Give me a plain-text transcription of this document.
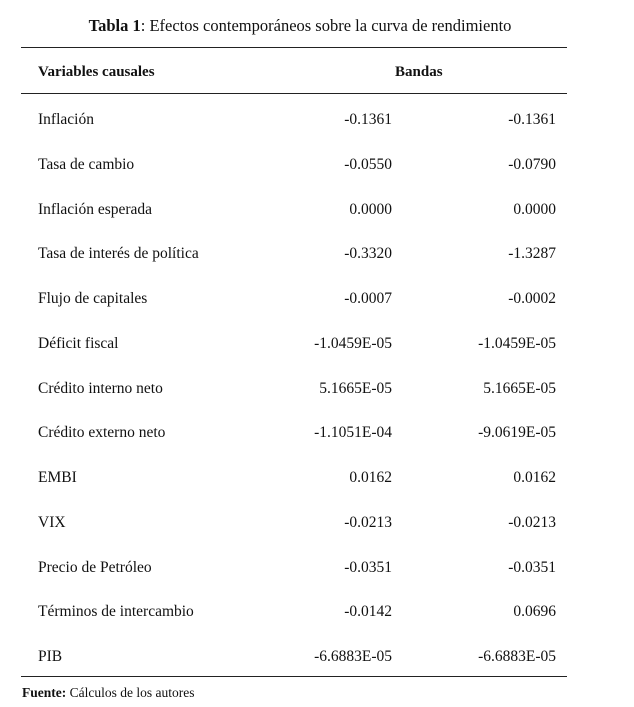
Tabla 1: Efectos contemporáneos sobre la curva de rendimiento
Variables causales	Bandas
Inflación	-0.1361	-0.1361
Tasa de cambio	-0.0550	-0.0790
Inflación esperada	0.0000	0.0000
Tasa de interés de política	-0.3320	-1.3287
Flujo de capitales	-0.0007	-0.0002
Déficit fiscal	-1.0459E-05	-1.0459E-05
Crédito interno neto	5.1665E-05	5.1665E-05
Crédito externo neto	-1.1051E-04	-9.0619E-05
EMBI	0.0162	0.0162
VIX	-0.0213	-0.0213
Precio de Petróleo	-0.0351	-0.0351
Términos de intercambio	-0.0142	0.0696
PIB	-6.6883E-05	-6.6883E-05
Fuente: Cálculos de los autores
